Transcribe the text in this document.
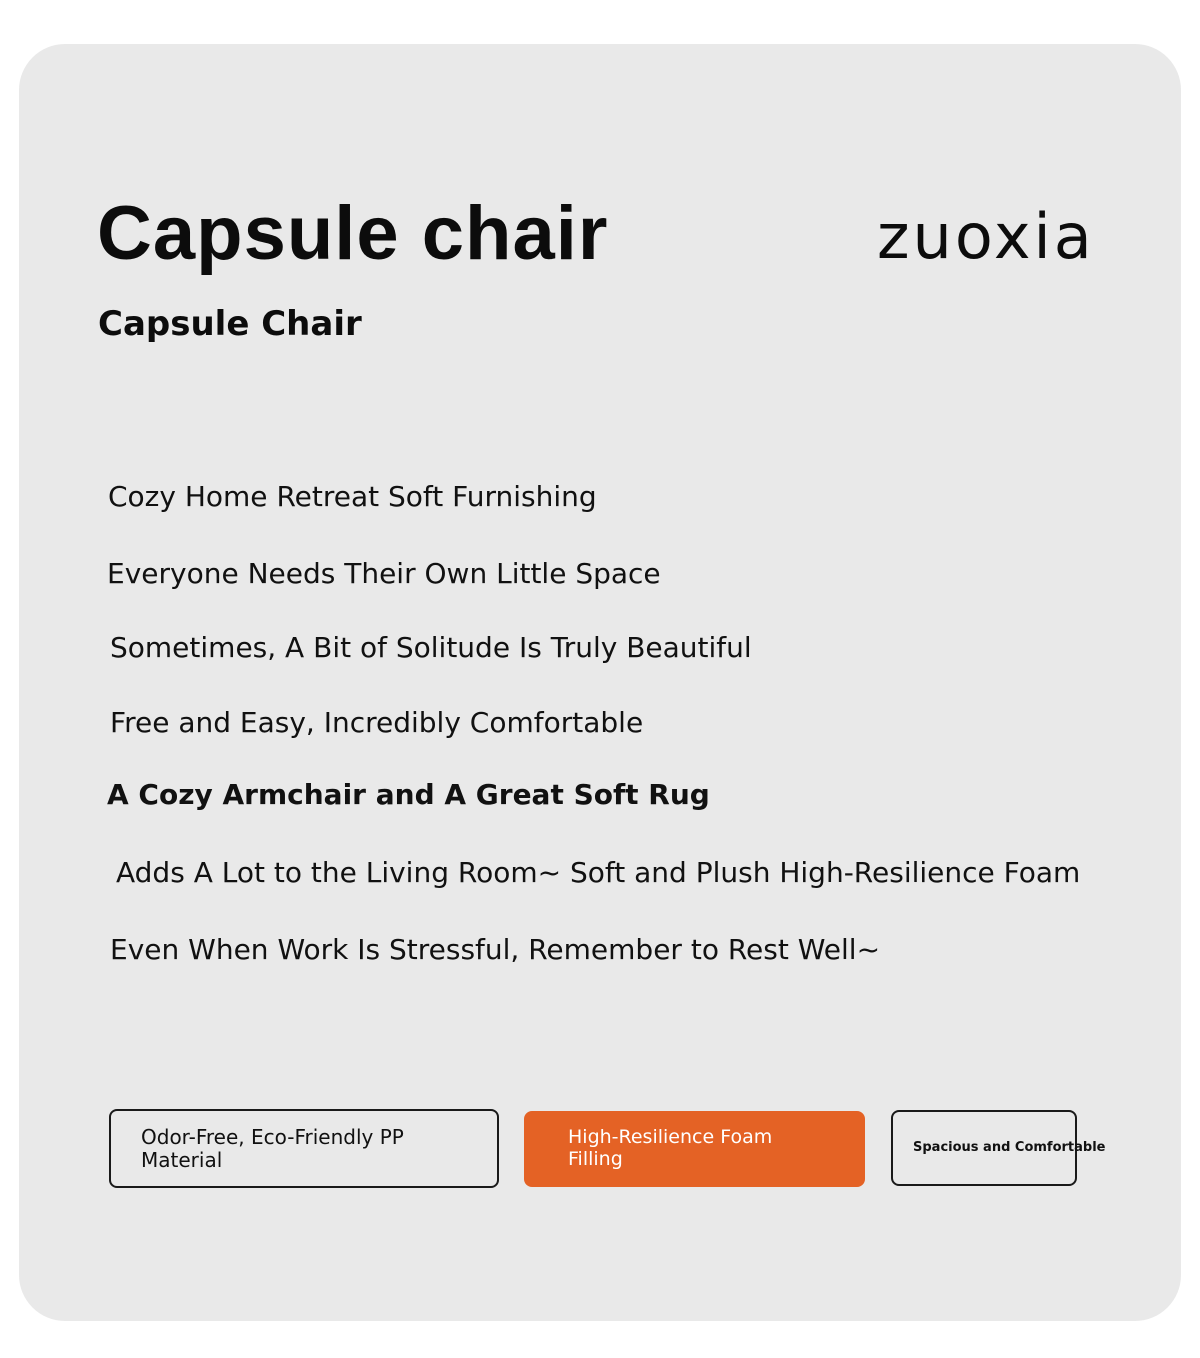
Capsule chair
Capsule Chair
zuoxia

Cozy Home Retreat Soft Furnishing

Everyone Needs Their Own Little Space

Sometimes, A Bit of Solitude Is Truly Beautiful

Free and Easy, Incredibly Comfortable

A Cozy Armchair and A Great Soft Rug

Adds A Lot to the Living Room~ Soft and Plush High-Resilience Foam

Even When Work Is Stressful, Remember to Rest Well~

Odor-Free, Eco-Friendly PP Material
High-Resilience Foam Filling
Spacious and Comfortable
